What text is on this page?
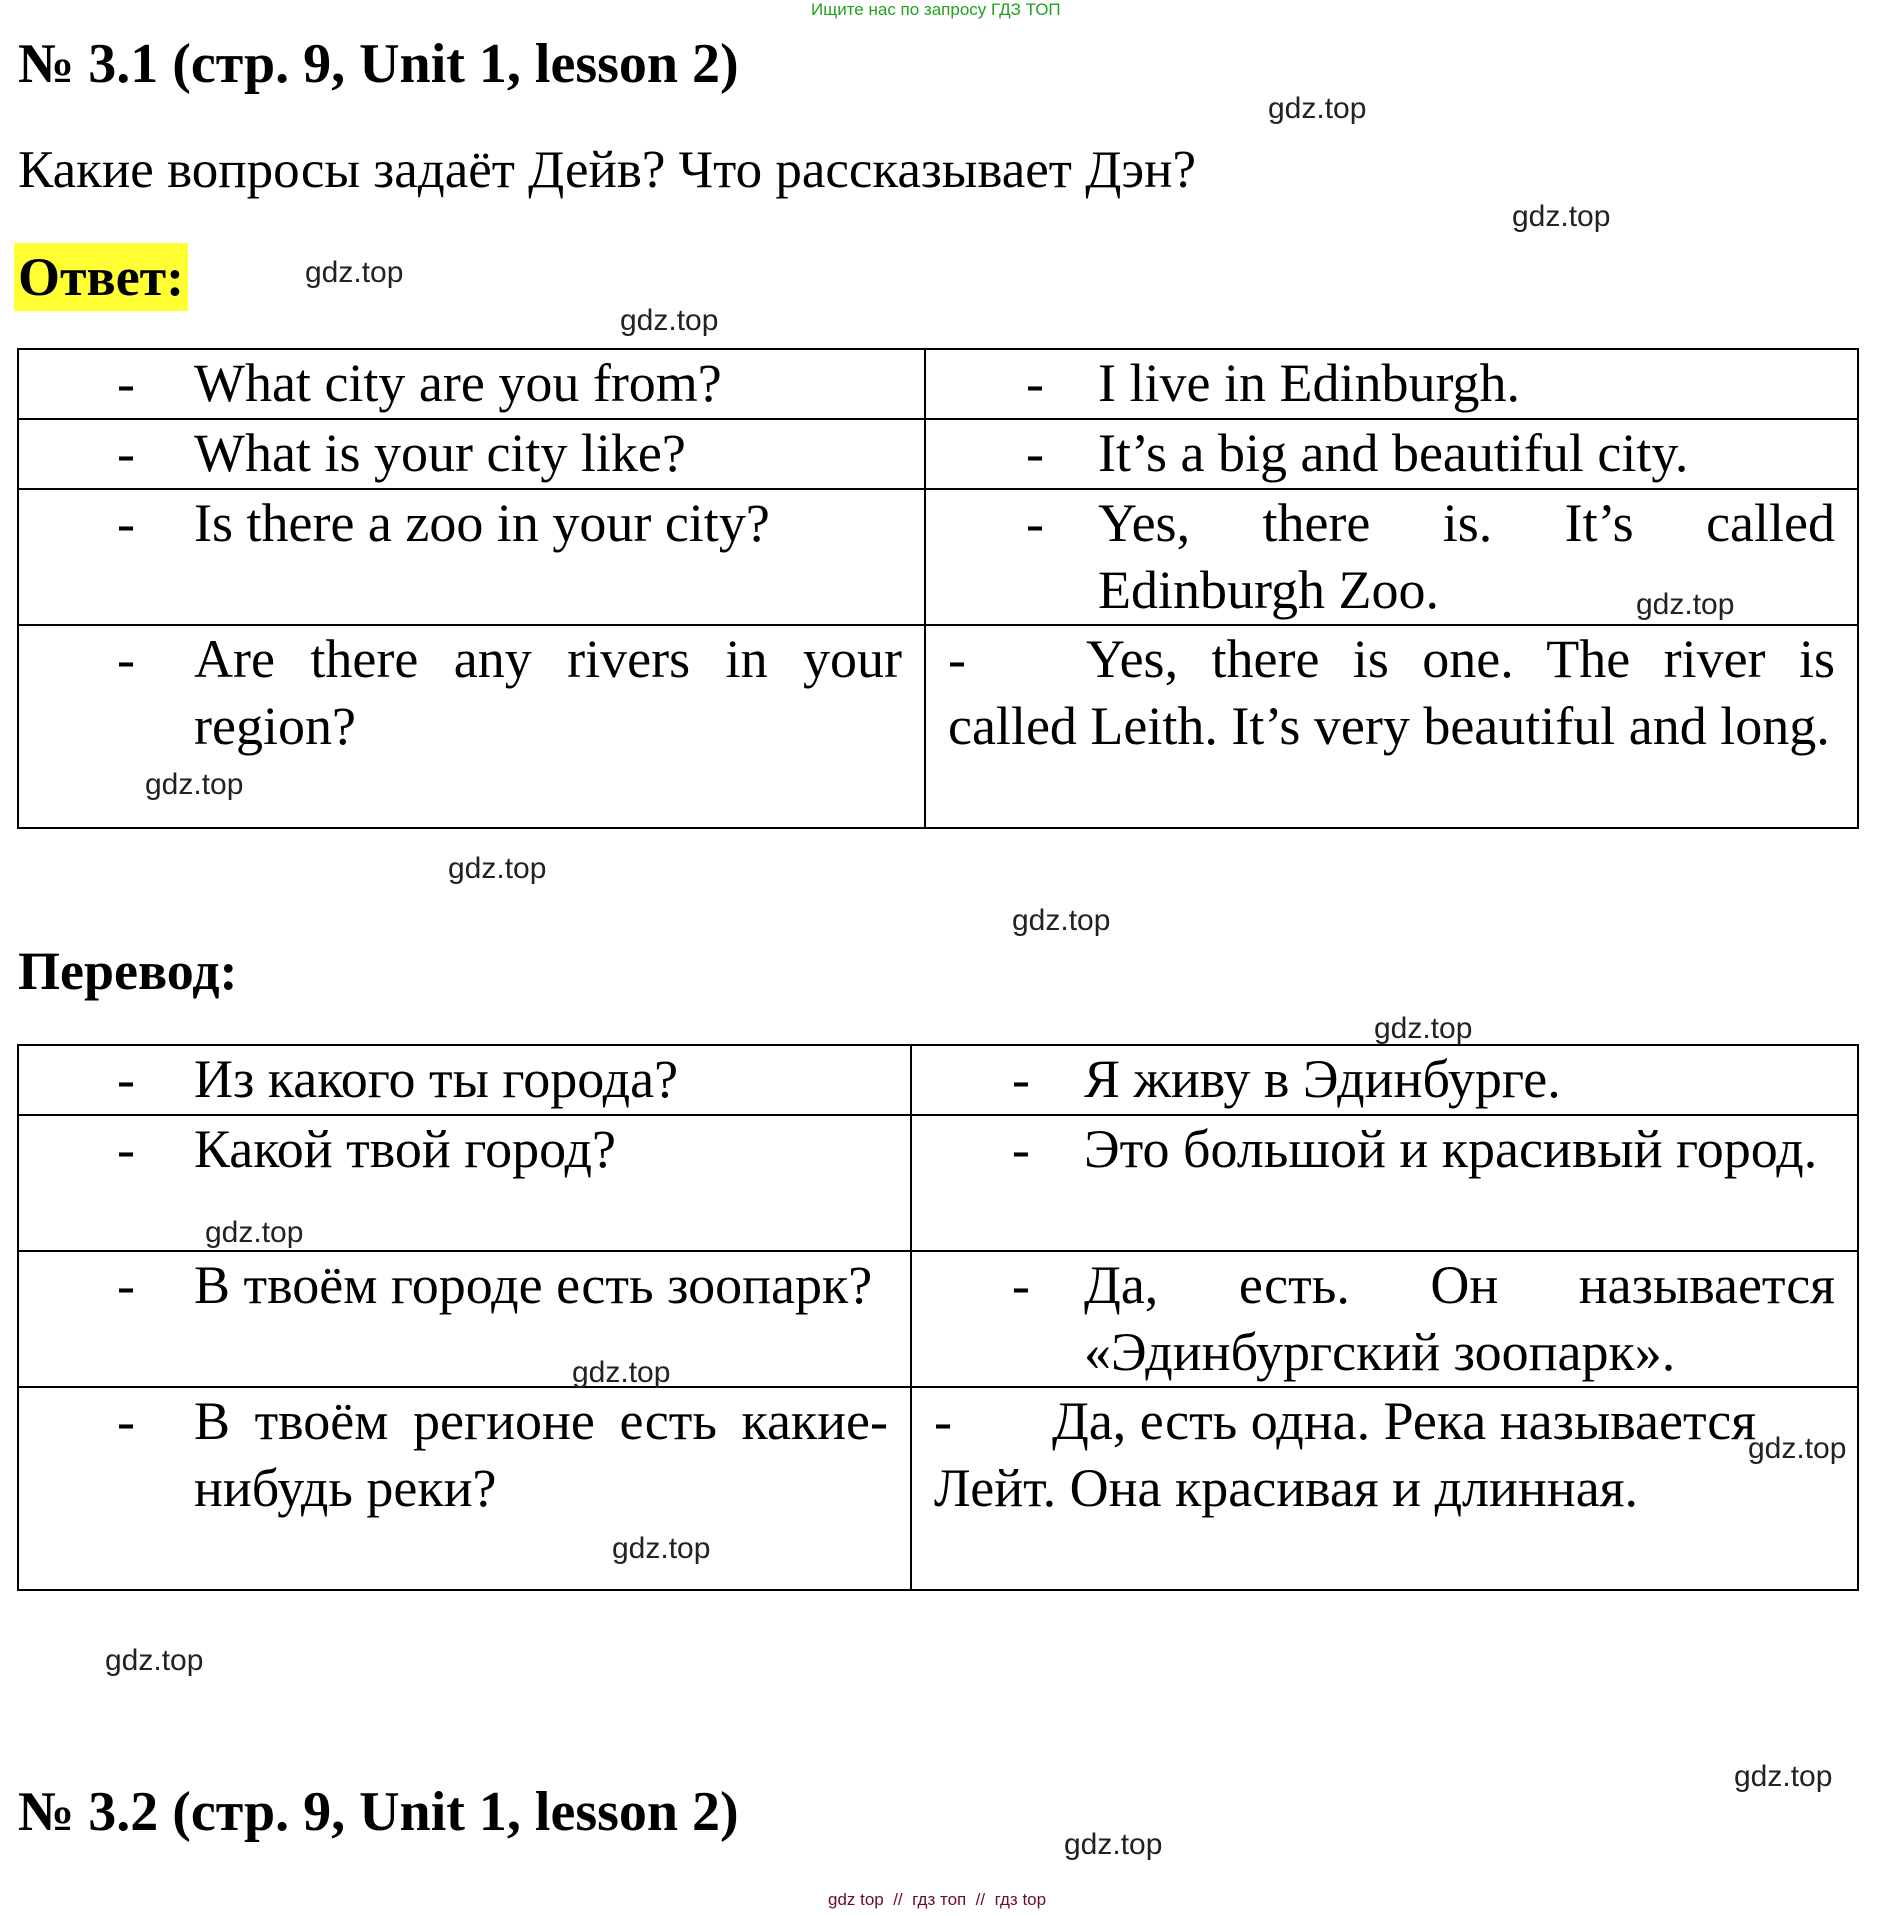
Ищите нас по запросу ГДЗ ТОП
№ 3.1 (стр. 9, Unit 1, lesson 2)
Какие вопросы задаёт Дейв? Что рассказывает Дэн?
Ответ:
- What city are you from?	- I live in Edinburgh.

- What is your city like?	- It’s a big and beautiful city.

- Is there a zoo in your city?	- Yes, there is. It’s called Edinburgh Zoo.

- Are there any rivers in your region?	- Yes, there is one. The river is called Leith. It’s very beautiful and long.
Перевод:
- Из какого ты города?	- Я живу в Эдинбурге.

- Какой твой город?	- Это большой и красивый город.

- В твоём городе есть зоопарк?	- Да, есть. Он называется «Эдинбургский зоопарк».

- В твоём регионе есть какие-нибудь реки?	- Да, есть одна. Река называется Лейт. Она красивая и длинная.
№ 3.2 (стр. 9, Unit 1, lesson 2)
gdz.top
gdz.top
gdz.top
gdz.top
gdz.top
gdz.top
gdz.top
gdz.top
gdz.top
gdz.top
gdz.top
gdz.top
gdz.top
gdz.top
gdz.top
gdz.top
gdz top  //  гдз топ  //  гдз top
